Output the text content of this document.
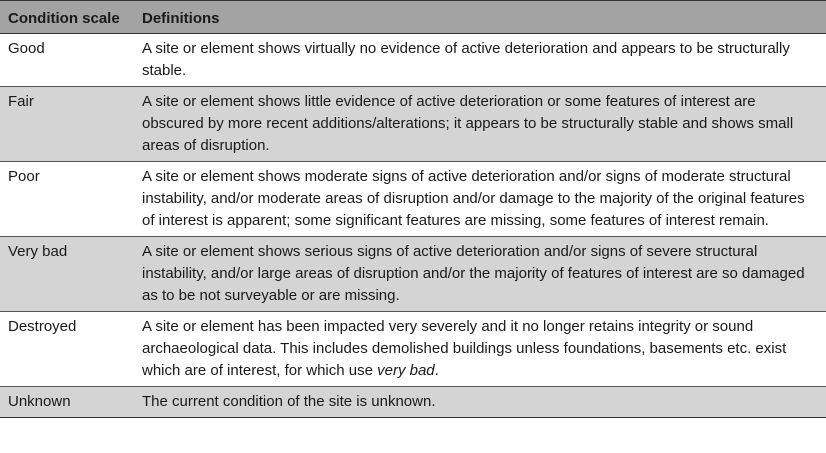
Condition scale	Definitions
Good	A site or element shows virtually no evidence of active deterioration and appears to be structurally stable.
Fair	A site or element shows little evidence of active deterioration or some features of interest are obscured by more recent additions/alterations; it appears to be structurally stable and shows small areas of disruption.
Poor	A site or element shows moderate signs of active deterioration and/or signs of moderate structural instability, and/or moderate areas of disruption and/or damage to the majority of the original features of interest is apparent; some significant features are missing, some features of interest remain.
Very bad	A site or element shows serious signs of active deterioration and/or signs of severe structural instability, and/or large areas of disruption and/or the majority of features of interest are so damaged as to be not surveyable or are missing.
Destroyed	A site or element has been impacted very severely and it no longer retains integrity or sound archaeological data. This includes demolished buildings unless foundations, basements etc. exist which are of interest, for which use very bad.
Unknown	The current condition of the site is unknown.
